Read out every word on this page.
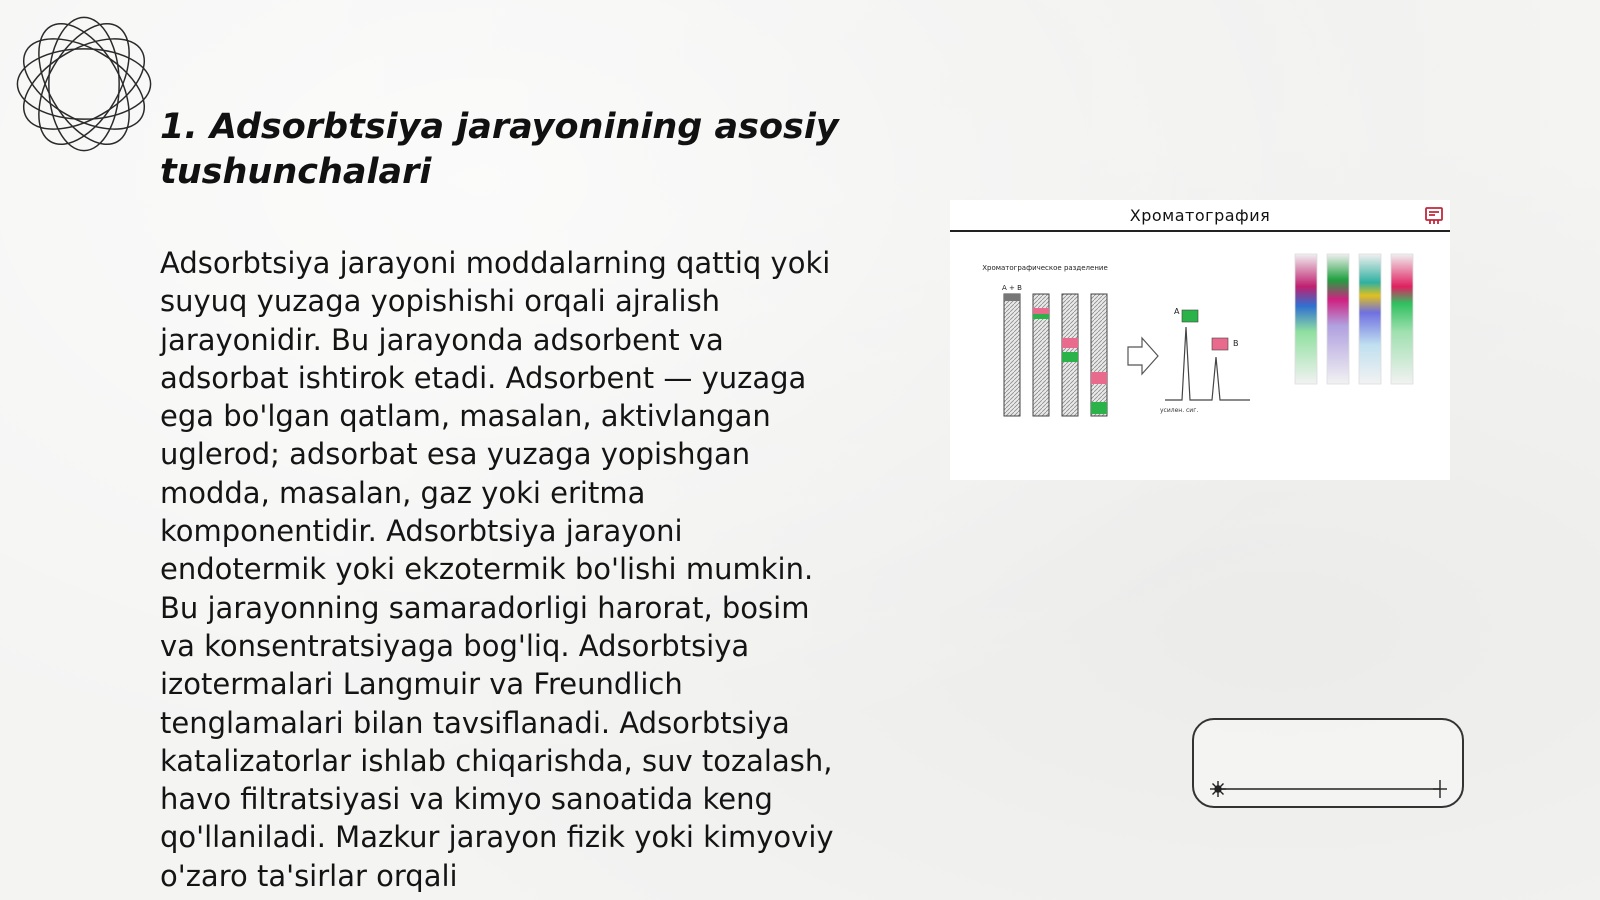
1. Adsorbtsiya jarayonining asosiy tushunchalari

Adsorbtsiya jarayoni moddalarning qattiq yoki suyuq yuzaga yopishishi orqali ajralish jarayonidir. Bu jarayonda adsorbent va adsorbat ishtirok etadi. Adsorbent — yuzaga ega bo'lgan qatlam, masalan, aktivlangan uglerod; adsorbat esa yuzaga yopishgan modda, masalan, gaz yoki eritma komponentidir. Adsorbtsiya jarayoni endotermik yoki ekzotermik bo'lishi mumkin. Bu jarayonning samaradorligi harorat, bosim va konsentratsiyaga bog'liq. Adsorbtsiya izotermalari Langmuir va Freundlich tenglamalari bilan tavsiflanadi. Adsorbtsiya katalizatorlar ishlab chiqarishda, suv tozalash, havo filtratsiyasi va kimyo sanoatida keng qo'llaniladi. Mazkur jarayon fizik yoki kimyoviy o'zaro ta'sirlar orqali

Хроматография
Хроматографическое разделение
A + B
A
B
усилен. сиг.
